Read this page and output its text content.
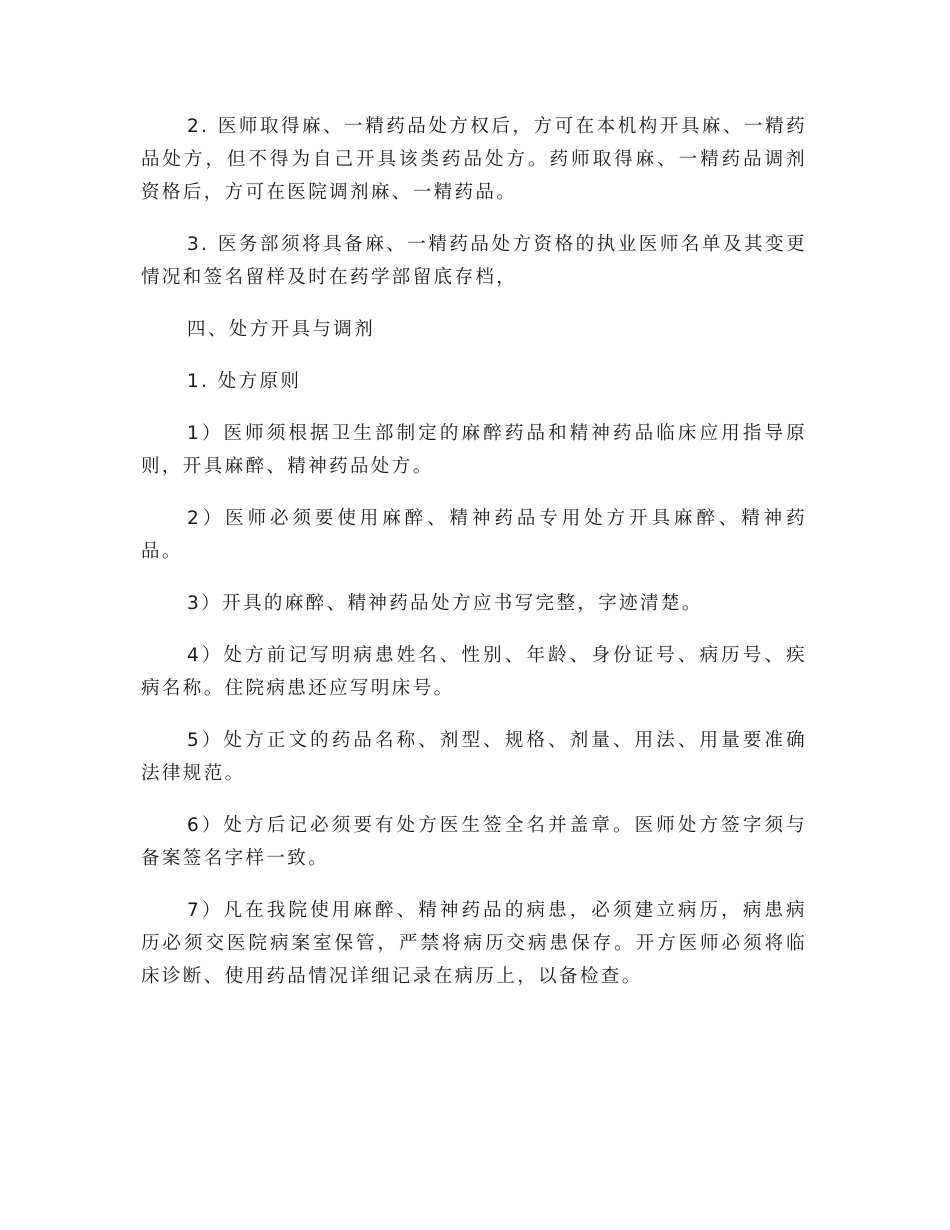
2. 医师取得麻、一精药品处方权后，方可在本机构开具麻、一精药品处方，但不得为自己开具该类药品处方。药师取得麻、一精药品调剂资格后，方可在医院调剂麻、一精药品。

3. 医务部须将具备麻、一精药品处方资格的执业医师名单及其变更情况和签名留样及时在药学部留底存档，

四、处方开具与调剂

1. 处方原则

1）医师须根据卫生部制定的麻醉药品和精神药品临床应用指导原则，开具麻醉、精神药品处方。

2）医师必须要使用麻醉、精神药品专用处方开具麻醉、精神药品。

3）开具的麻醉、精神药品处方应书写完整，字迹清楚。

4）处方前记写明病患姓名、性别、年龄、身份证号、病历号、疾病名称。住院病患还应写明床号。

5）处方正文的药品名称、剂型、规格、剂量、用法、用量要准确法律规范。

6）处方后记必须要有处方医生签全名并盖章。医师处方签字须与备案签名字样一致。

7）凡在我院使用麻醉、精神药品的病患，必须建立病历，病患病历必须交医院病案室保管，严禁将病历交病患保存。开方医师必须将临床诊断、使用药品情况详细记录在病历上，以备检查。
